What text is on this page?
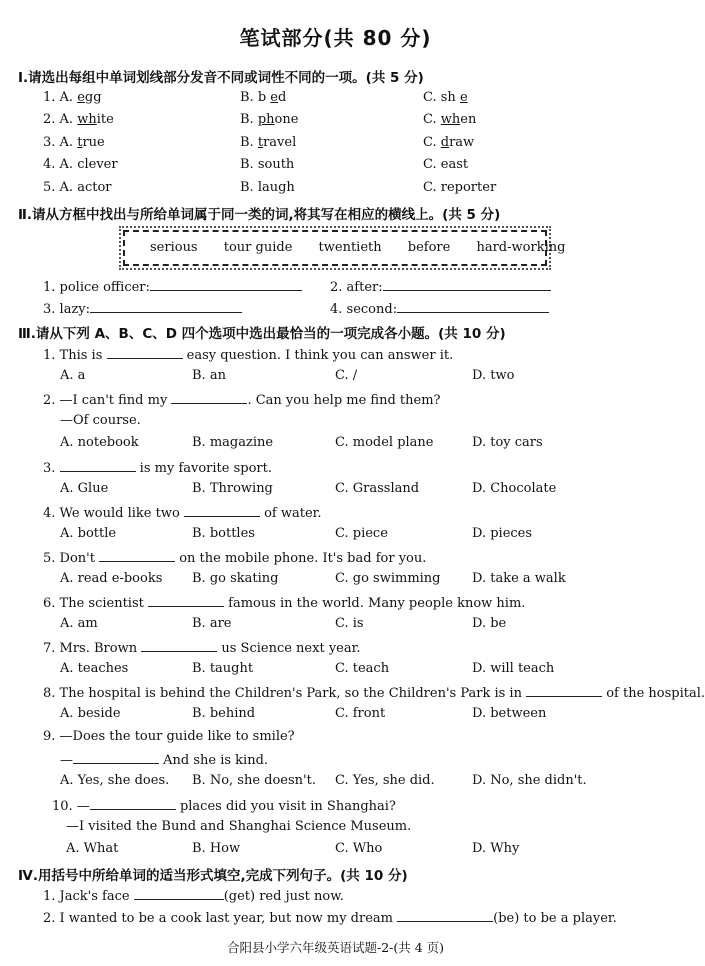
笔试部分(共 80 分)
Ⅰ.请选出每组中单词划线部分发音不同或词性不同的一项。(共 5 分)
1. A. egg	B. b ed	C. sh e
2. A. white	B. phone	C. when
3. A. true	B. travel	C. draw
4. A. clever	B. south	C. east
5. A. actor	B. laugh	C. reporter
Ⅱ.请从方框中找出与所给单词属于同一类的词,将其写在相应的横线上。(共 5 分)
serious tour guide twentieth before hard-working
1. police officer:	2. after:
3. lazy:	4. second:
Ⅲ.请从下列 A、B、C、D 四个选项中选出最恰当的一项完成各小题。(共 10 分)
1. This is	easy question. I think you can answer it.
A. a	B. an	C. /	D. two
2. —I can't find my	. Can you help me find them?
—Of course.
A. notebook	B. magazine	C. model plane	D. toy cars
3.	is my favorite sport.
A. Glue	B. Throwing	C. Grassland	D. Chocolate
4. We would like two	of water.
A. bottle	B. bottles	C. piece	D. pieces
5. Don't	on the mobile phone. It's bad for you.
A. read e-books B. go skating	C. go swimming D. take a walk
6. The scientist	famous in the world. Many people know him.
A. am	B. are	C. is	D. be
7. Mrs. Brown	us Science next year.
A. teaches	B. taught	C. teach	D. will teach
8. The hospital is behind the Children's Park, so the Children's Park is in	of the hospital.
A. beside	B. behind	C. front	D. between
9. —Does the tour guide like to smile?
—	And she is kind.
A. Yes, she does. B. No, she doesn't. C. Yes, she did.	D. No, she didn't.
10. —	places did you visit in Shanghai?
—I visited the Bund and Shanghai Science Museum.
A. What	B. How	C. Who	D. Why
Ⅳ.用括号中所给单词的适当形式填空,完成下列句子。(共 10 分)
1. Jack's face	(get) red just now.
2. I wanted to be a cook last year, but now my dream	(be) to be a player.
合阳县小学六年级英语试题-2-(共 4 页)
